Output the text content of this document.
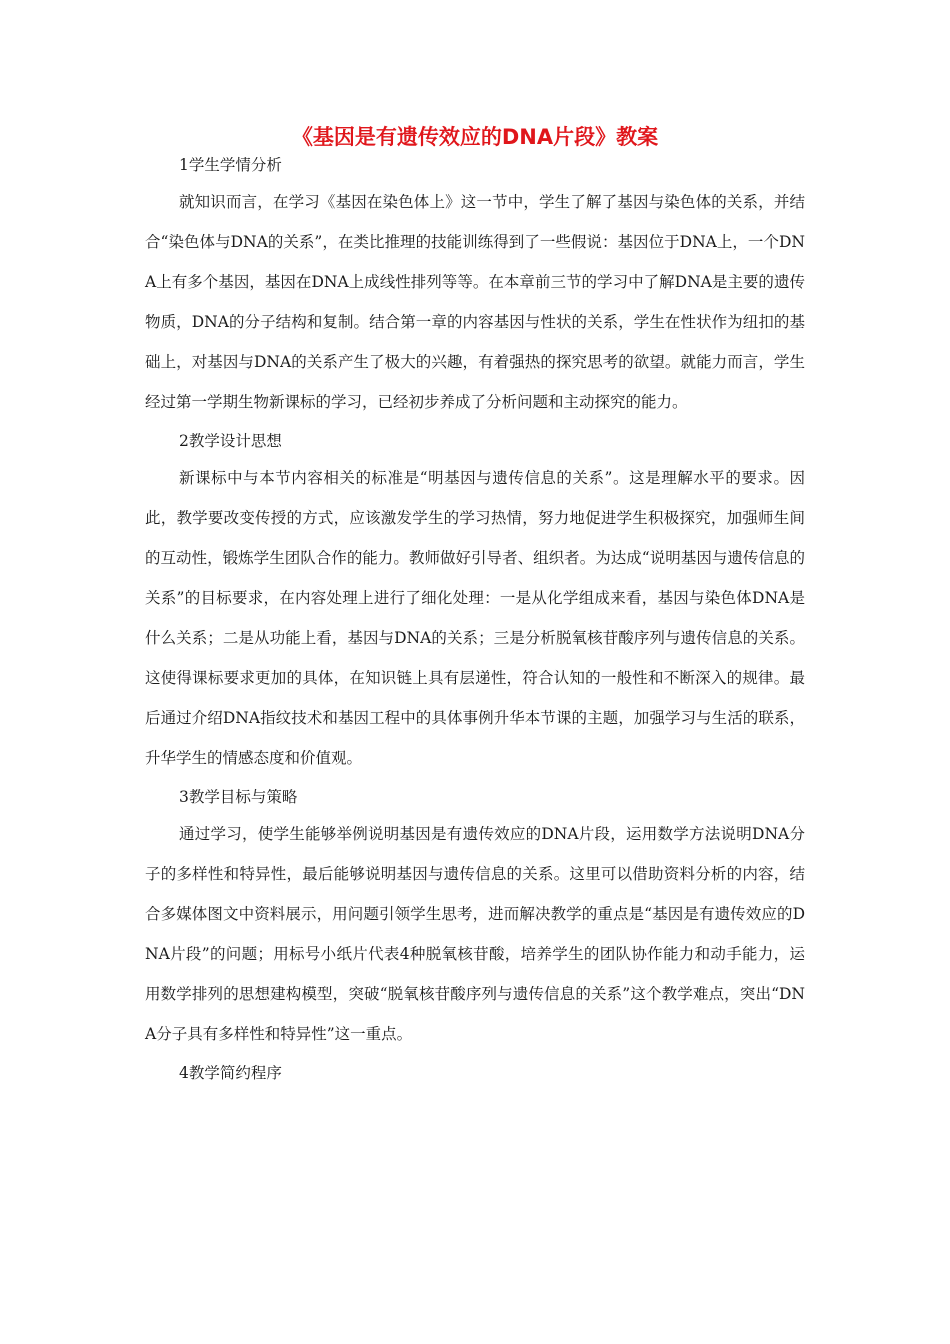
《基因是有遗传效应的DNA片段》教案

1学生学情分析

就知识而言，在学习《基因在染色体上》这一节中，学生了解了基因与染色体的关系，并结合“染色体与DNA的关系”，在类比推理的技能训练得到了一些假说：基因位于DNA上，一个DNA上有多个基因，基因在DNA上成线性排列等等。在本章前三节的学习中了解DNA是主要的遗传物质，DNA的分子结构和复制。结合第一章的内容基因与性状的关系，学生在性状作为纽扣的基础上，对基因与DNA的关系产生了极大的兴趣，有着强热的探究思考的欲望。就能力而言，学生经过第一学期生物新课标的学习，已经初步养成了分析问题和主动探究的能力。

2教学设计思想

新课标中与本节内容相关的标准是“明基因与遗传信息的关系”。这是理解水平的要求。因此，教学要改变传授的方式，应该激发学生的学习热情，努力地促进学生积极探究，加强师生间的互动性，锻炼学生团队合作的能力。教师做好引导者、组织者。为达成“说明基因与遗传信息的关系”的目标要求，在内容处理上进行了细化处理：一是从化学组成来看，基因与染色体DNA是什么关系；二是从功能上看，基因与DNA的关系；三是分析脱氧核苷酸序列与遗传信息的关系。这使得课标要求更加的具体，在知识链上具有层递性，符合认知的一般性和不断深入的规律。最后通过介绍DNA指纹技术和基因工程中的具体事例升华本节课的主题，加强学习与生活的联系，升华学生的情感态度和价值观。

3教学目标与策略

通过学习，使学生能够举例说明基因是有遗传效应的DNA片段，运用数学方法说明DNA分子的多样性和特异性，最后能够说明基因与遗传信息的关系。这里可以借助资料分析的内容，结合多媒体图文中资料展示，用问题引领学生思考，进而解决教学的重点是“基因是有遗传效应的DNA片段”的问题；用标号小纸片代表4种脱氧核苷酸，培养学生的团队协作能力和动手能力，运用数学排列的思想建构模型，突破“脱氧核苷酸序列与遗传信息的关系”这个教学难点，突出“DNA分子具有多样性和特异性”这一重点。

4教学简约程序
